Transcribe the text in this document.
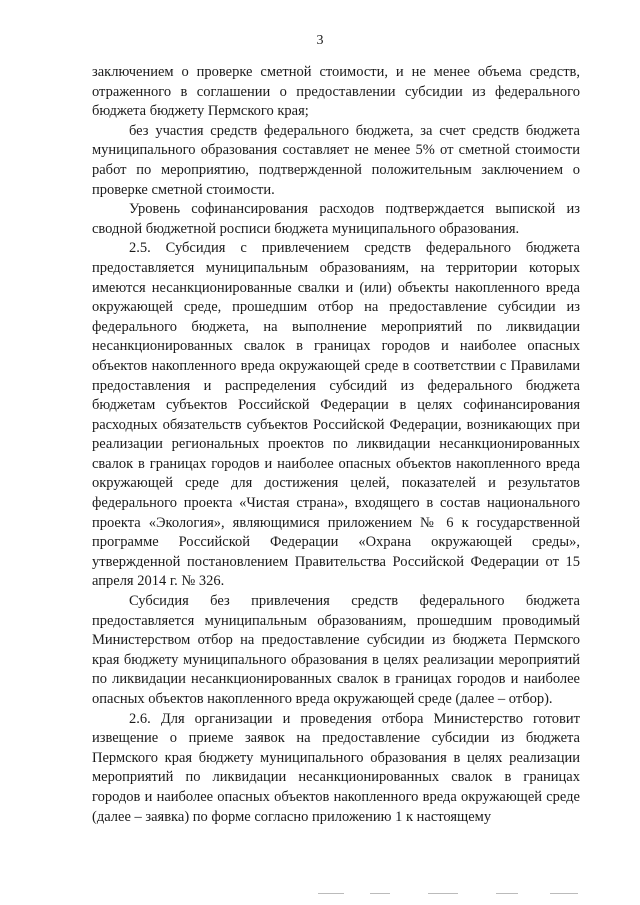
3

заключением о проверке сметной стоимости, и не менее объема средств, отраженного в соглашении о предоставлении субсидии из федерального бюджета бюджету Пермского края;

без участия средств федерального бюджета, за счет средств бюджета муниципального образования составляет не менее 5% от сметной стоимости работ по мероприятию, подтвержденной положительным заключением о проверке сметной стоимости.

Уровень софинансирования расходов подтверждается выпиской из сводной бюджетной росписи бюджета муниципального образования.

2.5. Субсидия с привлечением средств федерального бюджета предоставляется муниципальным образованиям, на территории которых имеются несанкционированные свалки и (или) объекты накопленного вреда окружающей среде, прошедшим отбор на предоставление субсидии из федерального бюджета, на выполнение мероприятий по ликвидации несанкционированных свалок в границах городов и наиболее опасных объектов накопленного вреда окружающей среде в соответствии с Правилами предоставления и распределения субсидий из федерального бюджета бюджетам субъектов Российской Федерации в целях софинансирования расходных обязательств субъектов Российской Федерации, возникающих при реализации региональных проектов по ликвидации несанкционированных свалок в границах городов и наиболее опасных объектов накопленного вреда окружающей среде для достижения целей, показателей и результатов федерального проекта «Чистая страна», входящего в состав национального проекта «Экология», являющимися приложением № 6 к государственной программе Российской Федерации «Охрана окружающей среды», утвержденной постановлением Правительства Российской Федерации от 15 апреля 2014 г. № 326.

Субсидия без привлечения средств федерального бюджета предоставляется муниципальным образованиям, прошедшим проводимый Министерством отбор на предоставление субсидии из бюджета Пермского края бюджету муниципального образования в целях реализации мероприятий по ликвидации несанкционированных свалок в границах городов и наиболее опасных объектов накопленного вреда окружающей среде (далее – отбор).

2.6. Для организации и проведения отбора Министерство готовит извещение о приеме заявок на предоставление субсидии из бюджета Пермского края бюджету муниципального образования в целях реализации мероприятий по ликвидации несанкционированных свалок в границах городов и наиболее опасных объектов накопленного вреда окружающей среде (далее – заявка) по форме согласно приложению 1 к настоящему
